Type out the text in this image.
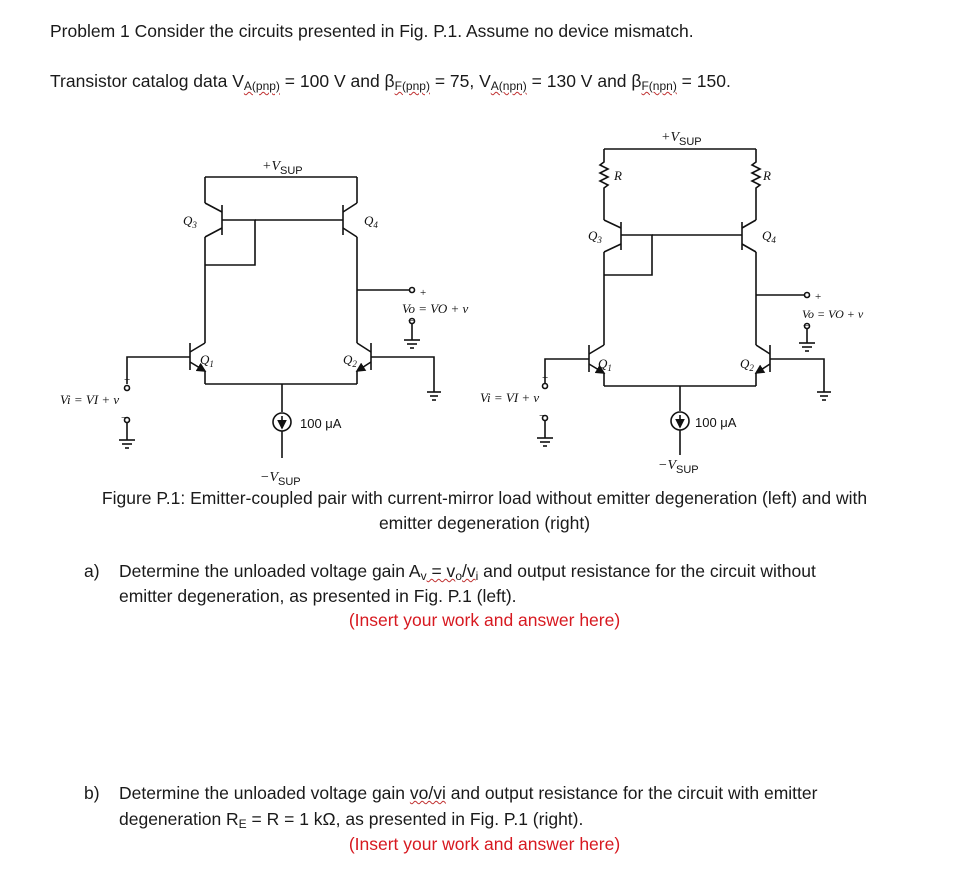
Problem 1 Consider the circuits presented in Fig. P.1. Assume no device mismatch.
Transistor catalog data $V_{A(pnp)} = 100$ V and $\beta_{F(pnp)} = 75$, $V_{A(npn)} = 130$ V and $\beta_{F(npn)} = 150$.
$+V_{SUP}$
$Q_3$	$Q_4$
$Q_1$	$Q_2$
+
−
Vo = VO + v
+
−
Vi = VI + v
100 μA
$-V_{SUP}$
$+V_{SUP}$
R	R
$Q_3$	$Q_4$
$Q_1$	$Q_2$
+
−
Vo = VO + v
+
−
Vi = VI + v
100 μA
$-V_{SUP}$
Figure P.1: Emitter-coupled pair with current-mirror load without emitter degeneration (left) and with
emitter degeneration (right)
a) Determine the unloaded voltage gain Av = vo/vi and output resistance for the circuit without
emitter degeneration, as presented in Fig. P.1 (left).
(Insert your work and answer here)
b) Determine the unloaded voltage gain vo/vi and output resistance for the circuit with emitter
degeneration RE = R = 1 kΩ, as presented in Fig. P.1 (right).
(Insert your work and answer here)
